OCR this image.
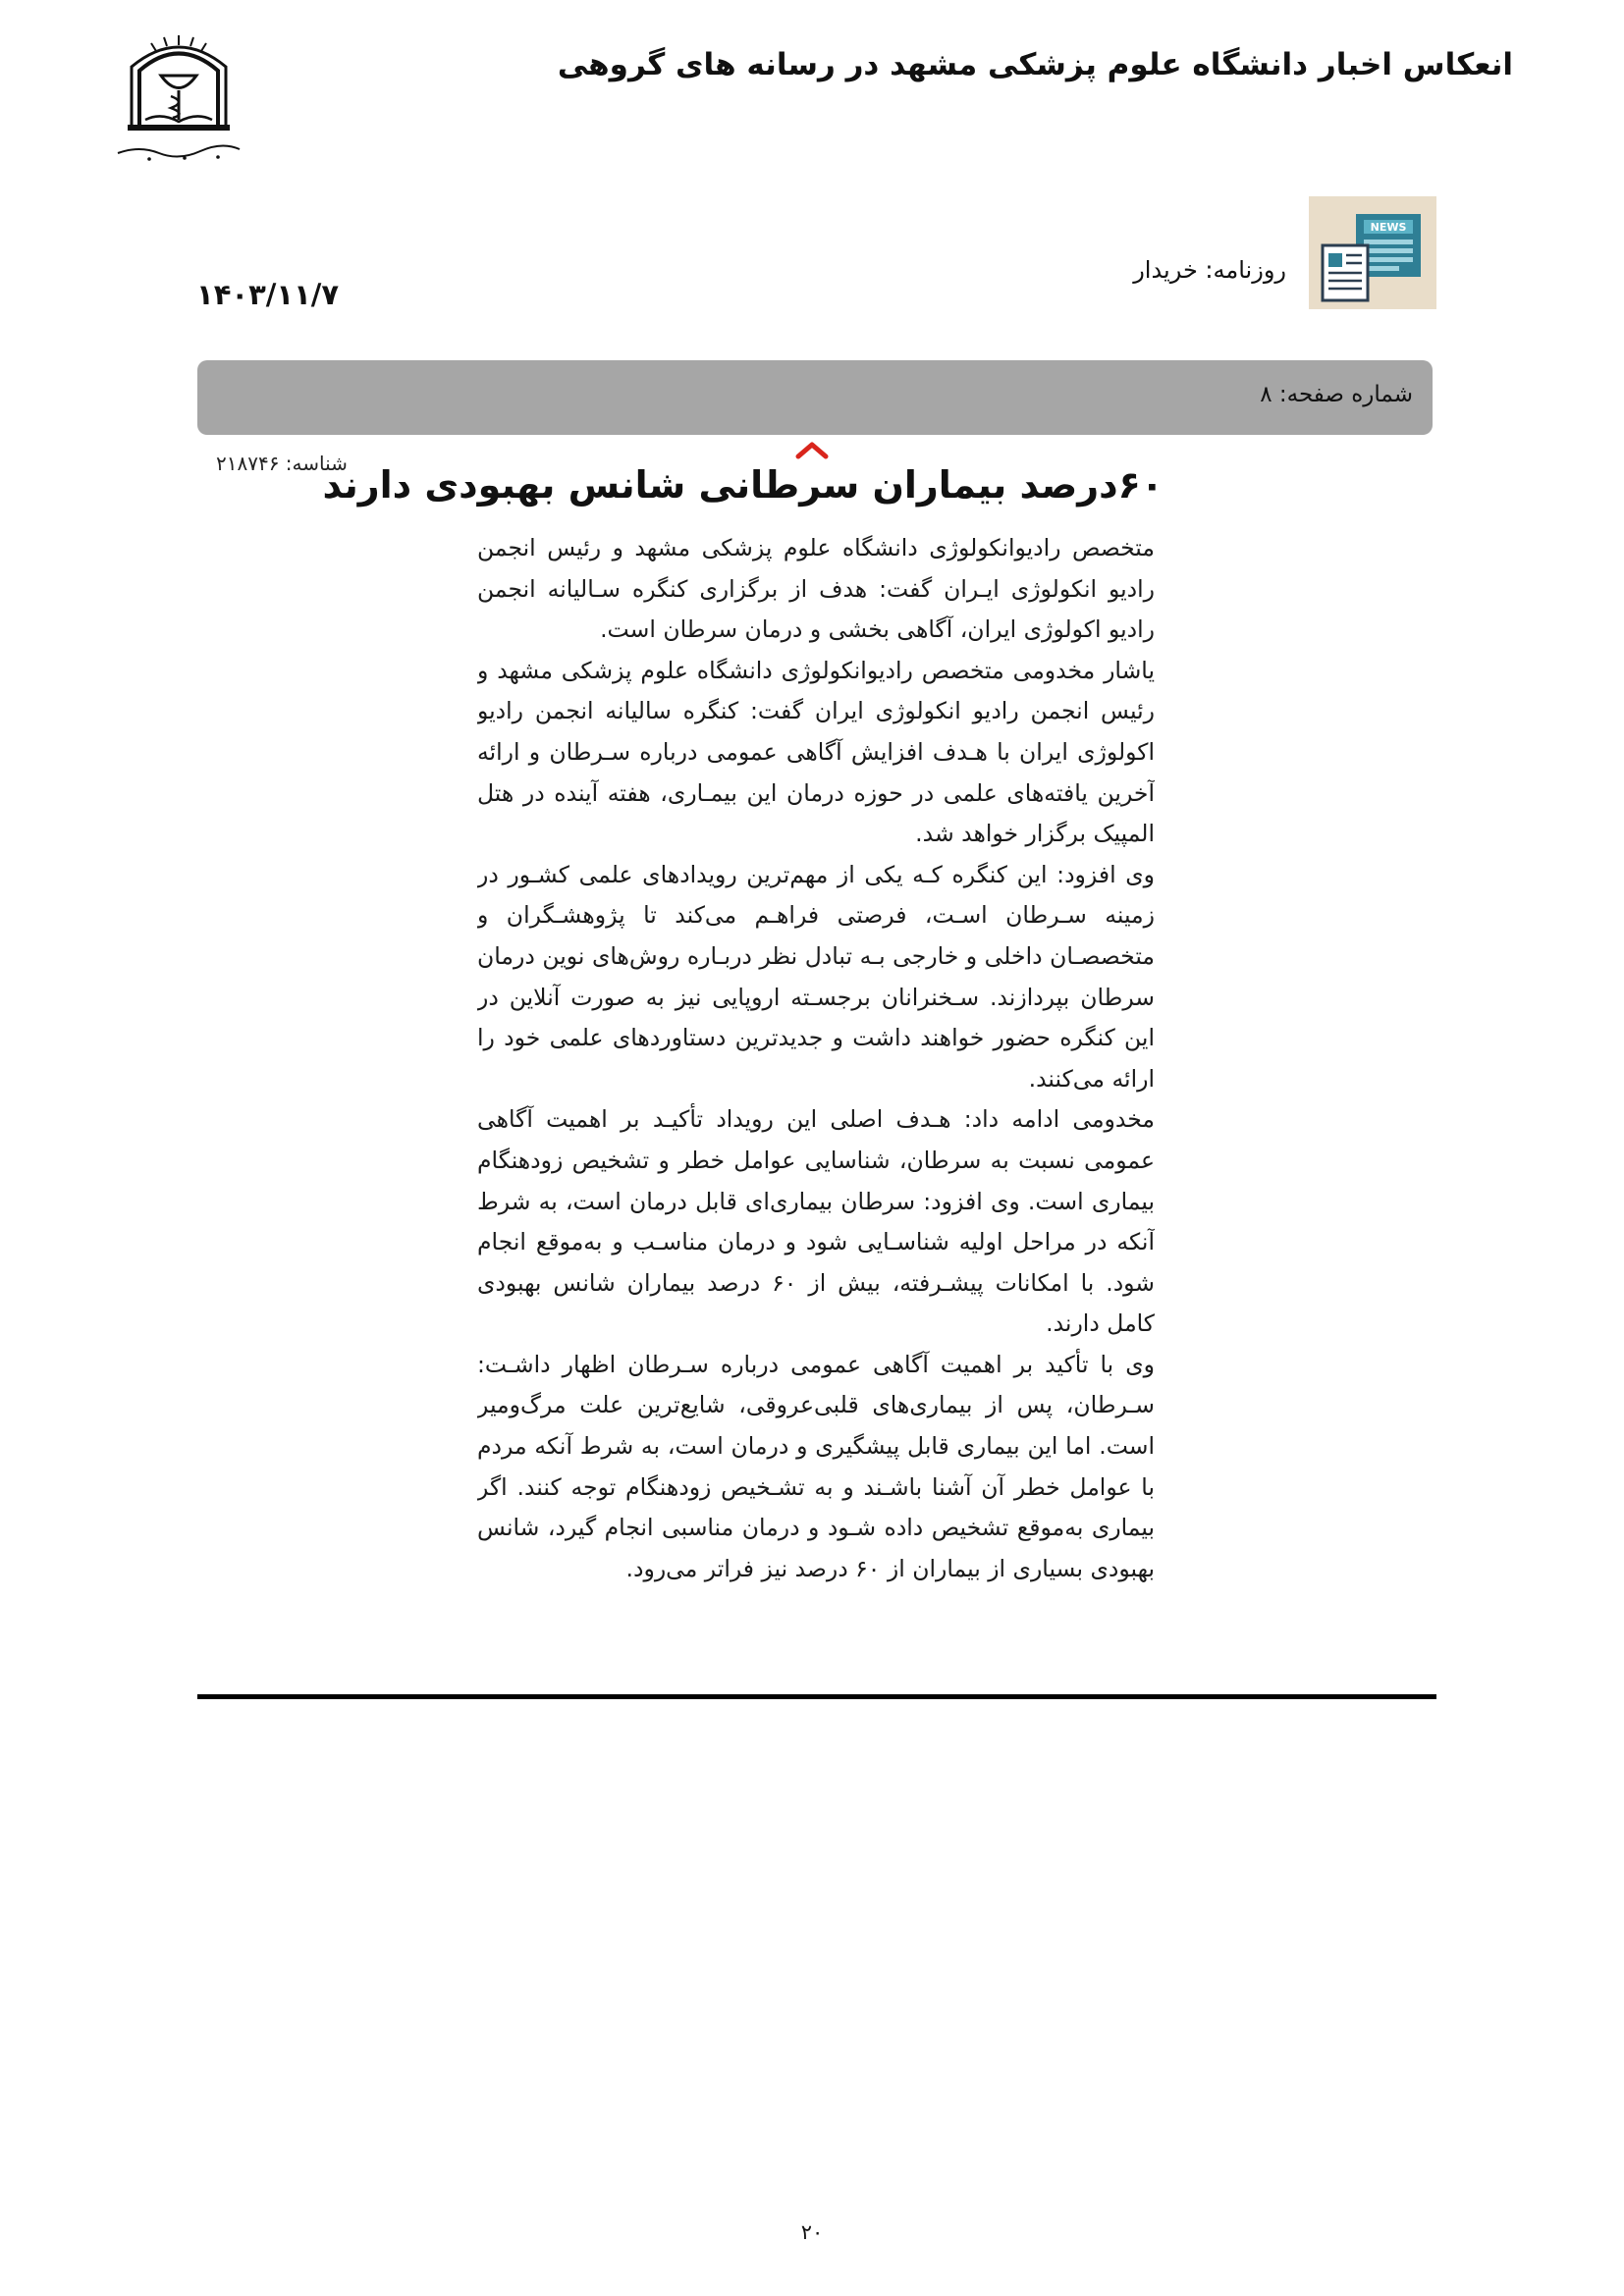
انعکاس اخبار دانشگاه علوم پزشکی مشهد در رسانه های گروهی
NEWS
روزنامه: خریدار
۱۴۰۳/۱۱/۷
شماره صفحه: ۸
شناسه: ۲۱۸۷۴۶
۶۰درصد بیماران سرطانی شانس بهبودی دارند

متخصص رادیوانکولوژی دانشگاه علوم پزشکی مشهد و رئیس انجمن رادیو انکولوژی ایـران گفت: هدف از برگزاری کنگره سـالیانه انجمن رادیو اکولوژی ایران، آگاهی بخشی و درمان سرطان است.

یاشار مخدومی متخصص رادیوانکولوژی دانشگاه علوم پزشکی مشهد و رئیس انجمن رادیو انکولوژی ایران گفت: کنگره سالیانه انجمن رادیو اکولوژی ایران با هـدف افزایش آگاهی عمومی درباره سـرطان و ارائه آخرین یافته‌های علمی در حوزه درمان این بیمـاری، هفته آینده در هتل المپیک برگزار خواهد شد.

وی افزود: این کنگره کـه یکی از مهم‌ترین رویدادهای علمی کشـور در زمینه سـرطان اسـت، فرصتی فراهـم می‌کند تا پژوهشـگران و متخصصـان داخلی و خارجی بـه تبادل نظر دربـاره روش‌های نوین درمان سرطان بپردازند. سـخنرانان برجسـته اروپایی نیز به صورت آنلاین در این کنگره حضور خواهند داشت و جدیدترین دستاوردهای علمی خود را ارائه می‌کنند.

مخدومی ادامه داد: هـدف اصلی این رویداد تأکیـد بر اهمیت آگاهی عمومی نسبت به سرطان، شناسایی عوامل خطر و تشخیص زودهنگام بیماری است. وی افزود: سرطان بیماری‌ای قابل درمان است، به شرط آنکه در مراحل اولیه شناسـایی شود و درمان مناسـب و به‌موقع انجام شود. با امکانات پیشـرفته، بیش از ۶۰ درصد بیماران شانس بهبودی کامل دارند.

وی با تأکید بر اهمیت آگاهی عمومی درباره سـرطان اظهار داشـت: سـرطان، پس از بیماری‌های قلبی‌عروقی، شایع‌ترین علت مرگ‌ومیر است. اما این بیماری قابل پیشگیری و درمان است، به شرط آنکه مردم با عوامل خطر آن آشنا باشـند و به تشـخیص زودهنگام توجه کنند. اگر بیماری به‌موقع تشخیص داده شـود و درمان مناسبی انجام گیرد، شانس بهبودی بسیاری از بیماران از ۶۰ درصد نیز فراتر می‌رود.

۲۰
